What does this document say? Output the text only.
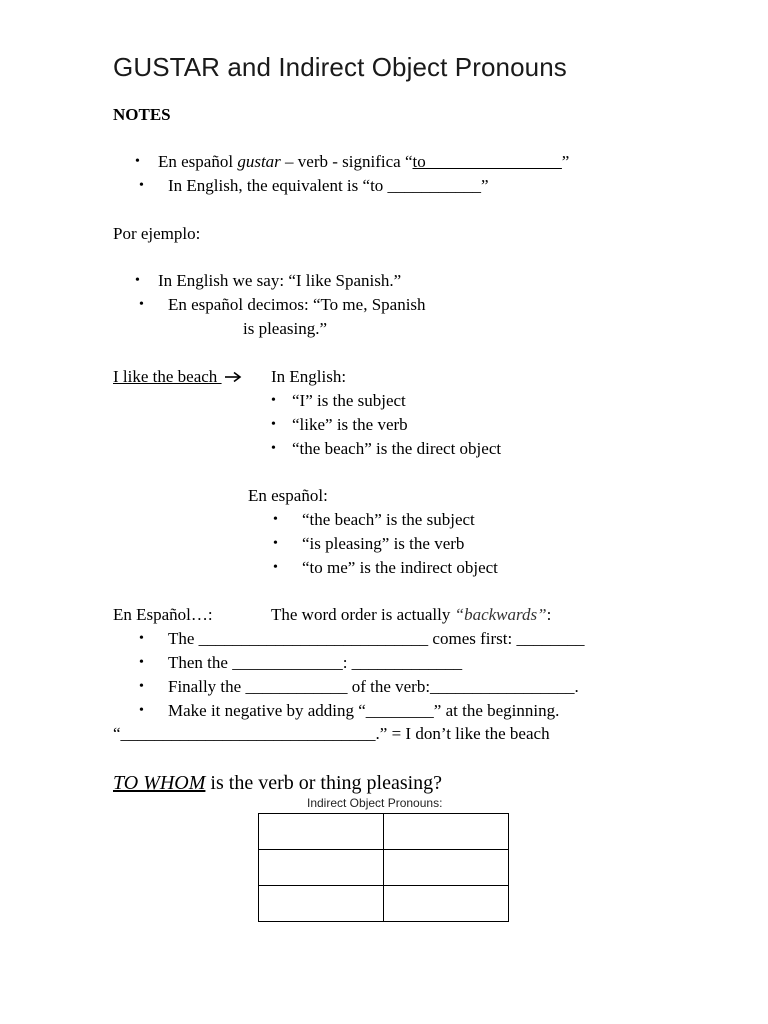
GUSTAR and Indirect Object Pronouns
NOTES
• En español gustar – verb - significa “to________________”
• In English, the equivalent is “to ___________”
Por ejemplo:
• In English we say: “I like Spanish.”
• En español decimos: “To me, Spanish
is pleasing.”
I like the beach	In English:
• “I” is the subject
• “like” is the verb
• “the beach” is the direct object
En español:
• “the beach” is the subject
• “is pleasing” is the verb
• “to me” is the indirect object
En Español…:	The word order is actually “backwards”:
• The ___________________________ comes first: ________
• Then the _____________: _____________
• Finally the ____________ of the verb:_________________.
• Make it negative by adding “________” at the beginning.
“______________________________.” = I don’t like the beach
TO WHOM is the verb or thing pleasing?
Indirect Object Pronouns:
